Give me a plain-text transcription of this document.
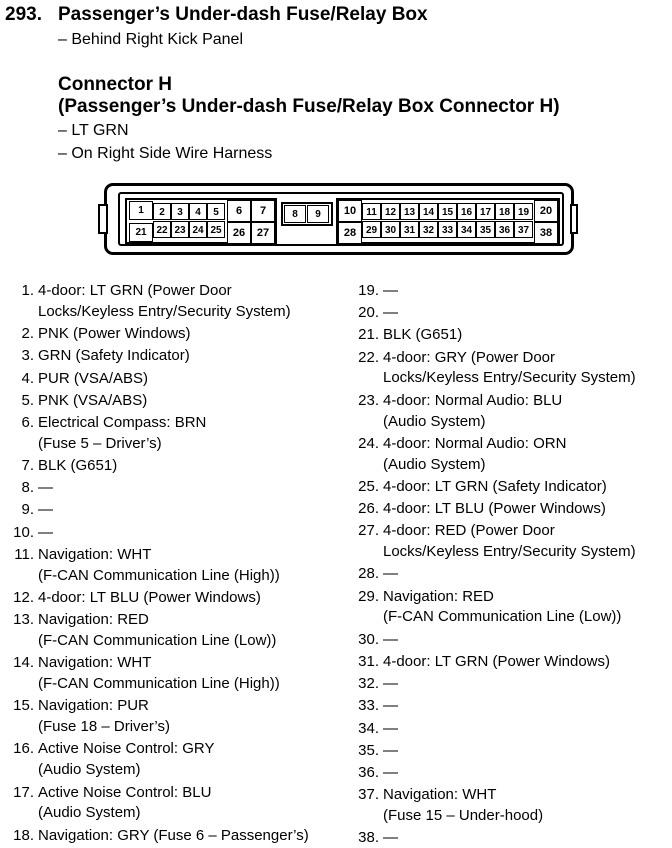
293. Passenger’s Under-dash Fuse/Relay Box
– Behind Right Kick Panel
Connector H
(Passenger’s Under-dash Fuse/Relay Box Connector H)
– LT GRN
– On Right Side Wire Harness
1
21
2	3	4	5
22 23 24 25
6	7
26	27
8	9	10
28
11 12 13 14 15 16 17 18 19
29 30 31 32 33 34 35 36 37
20
38
1. 4-door: LT GRN (Power Door
Locks/Keyless Entry/Security System)
2. PNK (Power Windows)
3. GRN (Safety Indicator)
4. PUR (VSA/ABS)
5. PNK (VSA/ABS)
6. Electrical Compass: BRN
(Fuse 5 – Driver’s)
7. BLK (G651)
8. —
9. —
10. —
11. Navigation: WHT
(F-CAN Communication Line (High))
12. 4-door: LT BLU (Power Windows)
13. Navigation: RED
(F-CAN Communication Line (Low))
14. Navigation: WHT
(F-CAN Communication Line (High))
15. Navigation: PUR
(Fuse 18 – Driver’s)
16. Active Noise Control: GRY
(Audio System)
17. Active Noise Control: BLU
(Audio System)
18. Navigation: GRY (Fuse 6 – Passenger’s)
19. —
20. —
21. BLK (G651)
22. 4-door: GRY (Power Door
Locks/Keyless Entry/Security System)
23. 4-door: Normal Audio: BLU
(Audio System)
24. 4-door: Normal Audio: ORN
(Audio System)
25. 4-door: LT GRN (Safety Indicator)
26. 4-door: LT BLU (Power Windows)
27. 4-door: RED (Power Door
Locks/Keyless Entry/Security System)
28. —
29. Navigation: RED
(F-CAN Communication Line (Low))
30. —
31. 4-door: LT GRN (Power Windows)
32. —
33. —
34. —
35. —
36. —
37. Navigation: WHT
(Fuse 15 – Under-hood)
38. —
